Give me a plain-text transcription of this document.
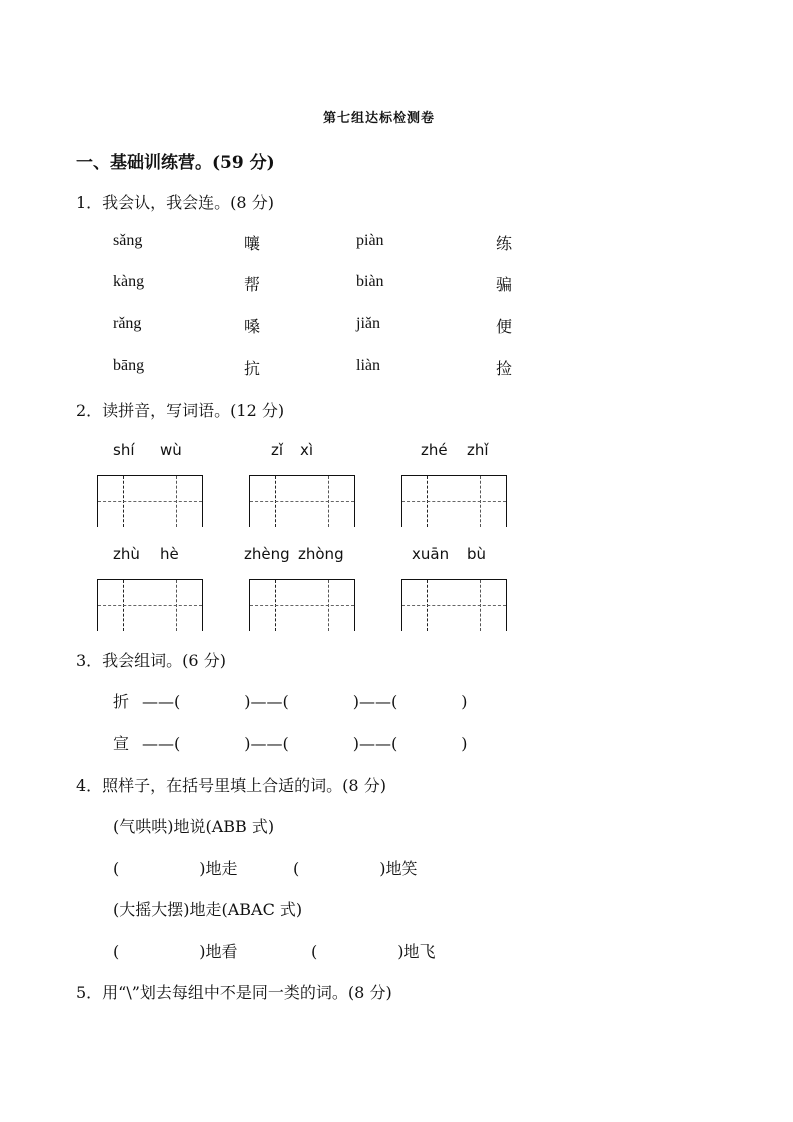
第七组达标检测卷
一、基础训练营。(59 分)
1．我会认，我会连。(8 分)
sǎng	嚷	piàn	练
kàng	帮	biàn	骗
rǎng	嗓	jiǎn	便
bāng	抗	liàn	捡
2．读拼音，写词语。(12 分)
shí wù	zǐ xì	zhé zhǐ
zhù hè	zhèng zhòng	xuān bù
3．我会组词。(6 分)
折 ——(　　　　)——(　　　　)——(　　　　)
宣 ——(　　　　)——(　　　　)——(　　　　)
4．照样子，在括号里填上合适的词。(8 分)
(气哄哄)地说(ABB 式)
(　　　　　)地走	(　　　　　)地笑
(大摇大摆)地走(ABAC 式)
(　　　　　)地看	(　　　　　)地飞
5．用“\”划去每组中不是同一类的词。(8 分)
